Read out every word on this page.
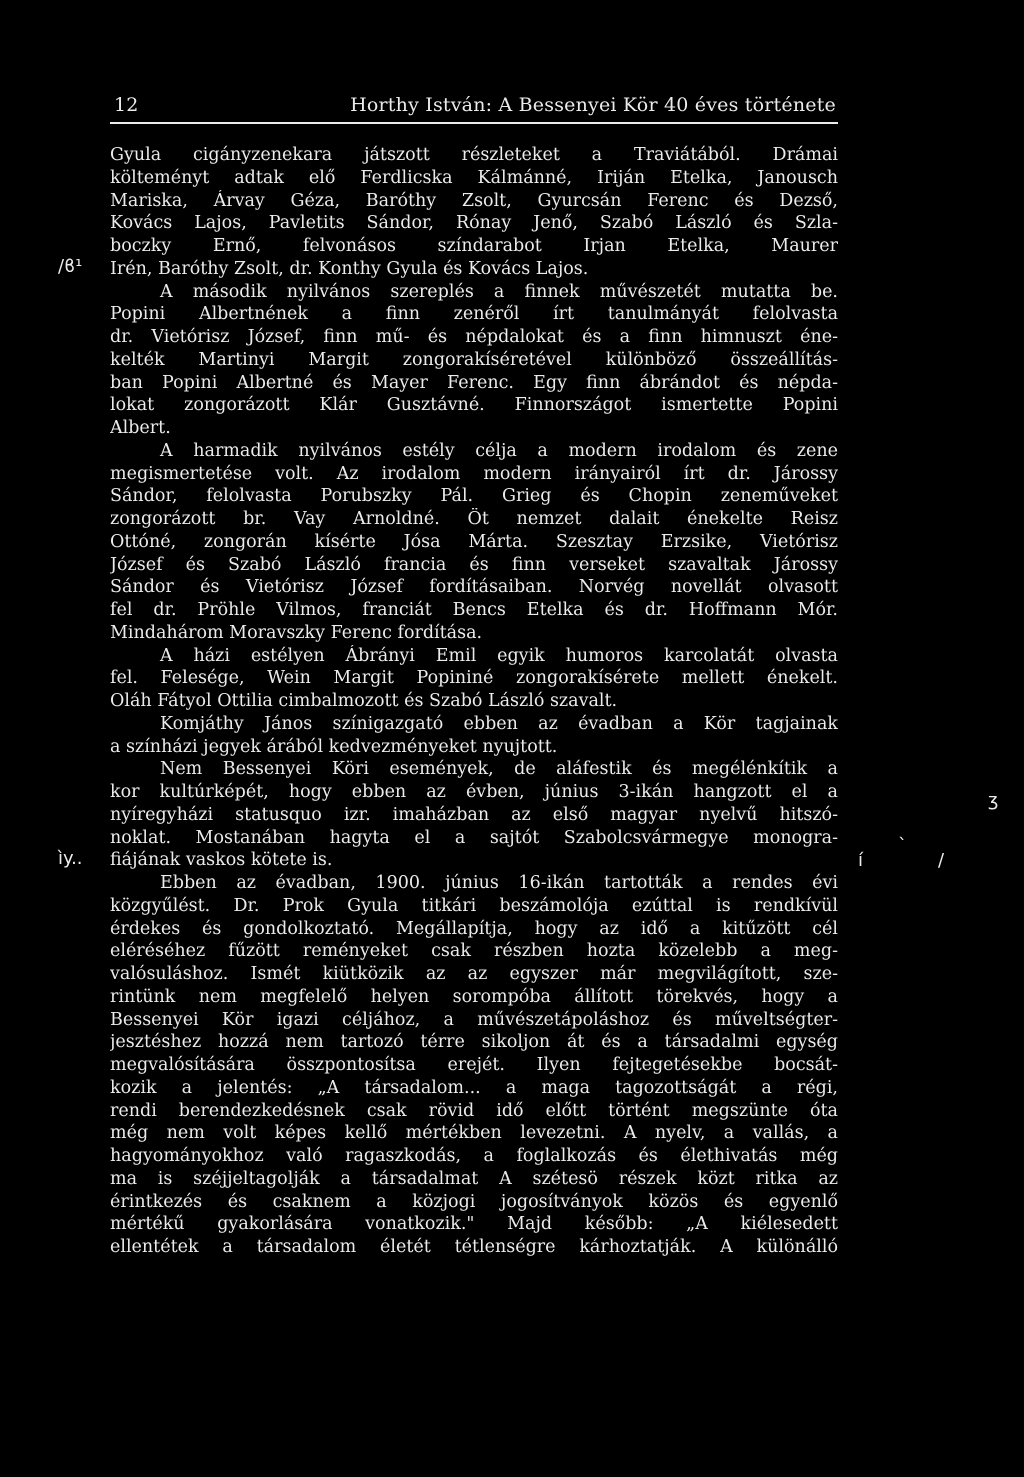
/ϐ¹
ìy..
ʒ
ˎ
í	/
12	Horthy István: A Bessenyei Kör 40 éves története
Gyula cigányzenekara játszott részleteket a Traviátából. Drámai
költeményt adtak elő Ferdlicska Kálmánné, Iriján Etelka, Janousch
Mariska, Árvay Géza, Baróthy Zsolt, Gyurcsán Ferenc és Dezső,
Kovács Lajos, Pavletits Sándor, Rónay Jenő, Szabó László és Szla-
boczky Ernő, felvonásos színdarabot Irjan Etelka, Maurer
Irén, Baróthy Zsolt, dr. Konthy Gyula és Kovács Lajos.
A második nyilvános szereplés a finnek művészetét mutatta be.
Popini Albertnének a finn zenéről írt tanulmányát felolvasta
dr. Vietórisz József, finn mű- és népdalokat és a finn himnuszt éne-
kelték Martinyi Margit zongorakíséretével különböző összeállítás-
ban Popini Albertné és Mayer Ferenc. Egy finn ábrándot és népda-
lokat zongorázott Klár Gusztávné. Finnországot ismertette Popini
Albert.
A harmadik nyilvános estély célja a modern irodalom és zene
megismertetése volt. Az irodalom modern irányairól írt dr. Járossy
Sándor, felolvasta Porubszky Pál. Grieg és Chopin zeneműveket
zongorázott br. Vay Arnoldné. Öt nemzet dalait énekelte Reisz
Ottóné, zongorán kísérte Jósa Márta. Szesztay Erzsike, Vietórisz
József és Szabó László francia és finn verseket szavaltak Járossy
Sándor és Vietórisz József fordításaiban. Norvég novellát olvasott
fel dr. Pröhle Vilmos, franciát Bencs Etelka és dr. Hoffmann Mór.
Mindahárom Moravszky Ferenc fordítása.
A házi estélyen Ábrányi Emil egyik humoros karcolatát olvasta
fel. Felesége, Wein Margit Popininé zongorakísérete mellett énekelt.
Oláh Fátyol Ottilia cimbalmozott és Szabó László szavalt.
Komjáthy János színigazgató ebben az évadban a Kör tagjainak
a színházi jegyek árából kedvezményeket nyujtott.
Nem Bessenyei Köri események, de aláfestik és megélénkítik a
kor kultúrképét, hogy ebben az évben, június 3-ikán hangzott el a
nyíregyházi statusquo izr. imaházban az első magyar nyelvű hitszó-
noklat. Mostanában hagyta el a sajtót Szabolcsvármegye monogra-
fiájának vaskos kötete is.
Ebben az évadban, 1900. június 16-ikán tartották a rendes évi
közgyűlést. Dr. Prok Gyula titkári beszámolója ezúttal is rendkívül
érdekes és gondolkoztató. Megállapítja, hogy az idő a kitűzött cél
eléréséhez fűzött reményeket csak részben hozta közelebb a meg-
valósuláshoz. Ismét kiütközik az az egyszer már megvilágított, sze-
rintünk nem megfelelő helyen sorompóba állított törekvés, hogy a
Bessenyei Kör igazi céljához, a művészetápoláshoz és műveltségter-
jesztéshez hozzá nem tartozó térre sikoljon át és a társadalmi egység
megvalósítására összpontosítsa erejét. Ilyen fejtegetésekbe bocsát-
kozik a jelentés: „A társadalom... a maga tagozottságát a régi,
rendi berendezkedésnek csak rövid idő előtt történt megszünte óta
még nem volt képes kellő mértékben levezetni. A nyelv, a vallás, a
hagyományokhoz való ragaszkodás, a foglalkozás és élethivatás még
ma is széjjeltagolják a társadalmat A szétesö részek közt ritka az
érintkezés és csaknem a közjogi jogosítványok közös és egyenlő
mértékű gyakorlására vonatkozik." Majd később: „A kiélesedett
ellentétek a társadalom életét tétlenségre kárhoztatják. A különálló
